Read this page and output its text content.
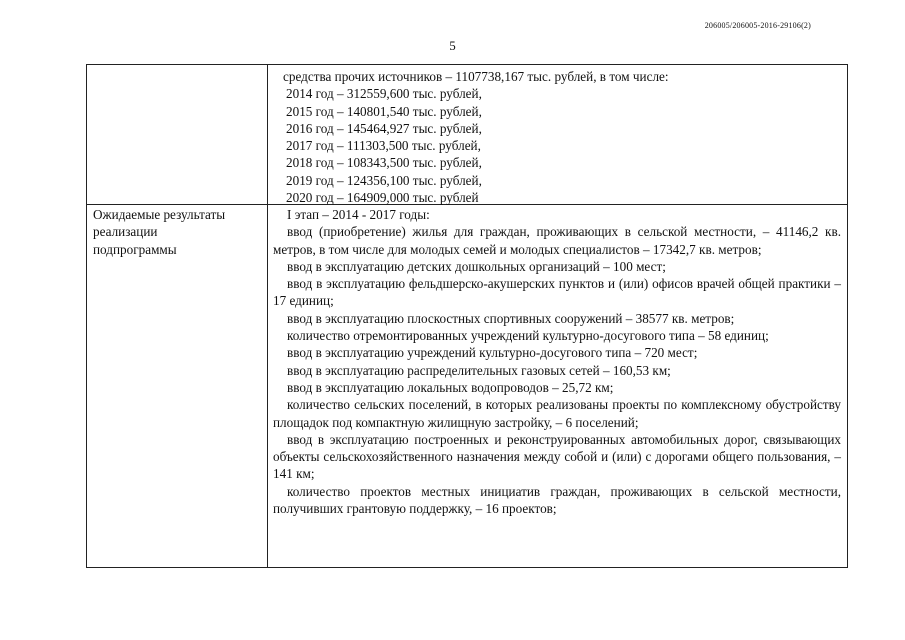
206005/206005-2016-29106(2)
5
средства прочих источников – 1107738,167 тыс. рублей, в том числе:
2014 год – 312559,600 тыс. рублей,
2015 год – 140801,540 тыс. рублей,
2016 год – 145464,927 тыс. рублей,
2017 год – 111303,500 тыс. рублей,
2018 год – 108343,500 тыс. рублей,
2019 год – 124356,100 тыс. рублей,
2020 год – 164909,000 тыс. рублей
Ожидаемые результаты
реализации
подпрограммы
I этап – 2014 - 2017 годы:
ввод (приобретение) жилья для граждан, проживающих в сельской местности, – 41146,2 кв. метров, в том числе для молодых семей и молодых специалистов – 17342,7 кв. метров;
ввод в эксплуатацию детских дошкольных организаций – 100 мест;
ввод в эксплуатацию фельдшерско-акушерских пунктов и (или) офисов врачей общей практики – 17 единиц;
ввод в эксплуатацию плоскостных спортивных сооружений – 38577 кв. метров;
количество отремонтированных учреждений культурно-досугового типа – 58 единиц;
ввод в эксплуатацию учреждений культурно-досугового типа – 720 мест;
ввод в эксплуатацию распределительных газовых сетей – 160,53 км;
ввод в эксплуатацию локальных водопроводов – 25,72 км;
количество сельских поселений, в которых реализованы проекты по комплексному обустройству площадок под компактную жилищную застройку, – 6 поселений;
ввод в эксплуатацию построенных и реконструированных автомобильных дорог, связывающих объекты сельскохозяйственного назначения между собой и (или) с дорогами общего пользования, – 141 км;
количество проектов местных инициатив граждан, проживающих в сельской местности, получивших грантовую поддержку, – 16 проектов;
